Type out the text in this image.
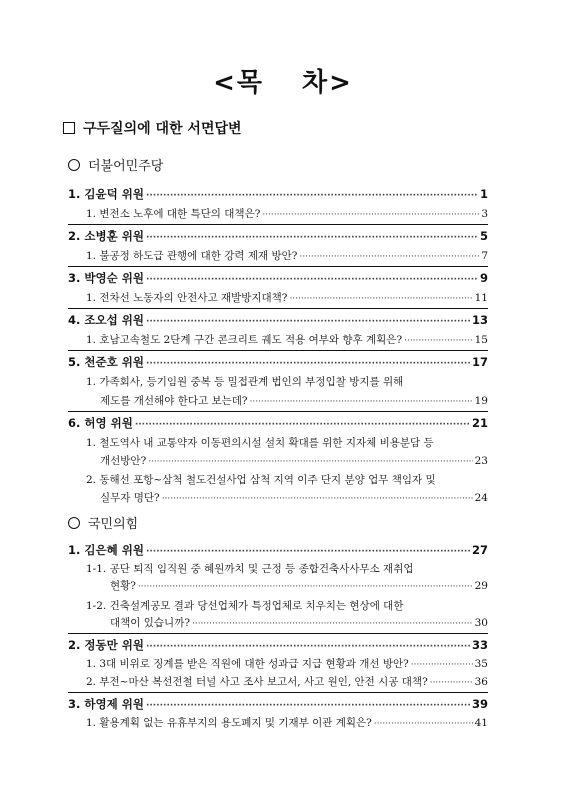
<목 차>
구두질의에 대한 서면답변
더불어민주당
1. 김윤덕 위원 ·····	1
1. 변전소 노후에 대한 특단의 대책은? ·····	3
2. 소병훈 위원 ·····	5
1. 불공정 하도급 관행에 대한 강력 제재 방안? ·····	7
3. 박영순 위원 ·····	9
1. 전차선 노동자의 안전사고 재발방지대책? ·····	11
4. 조오섭 위원 ·····	13
1. 호남고속철도 2단계 구간 콘크리트 궤도 적용 여부와 향후 계획은? ·····	15
5. 천준호 위원 ·····	17
1. 가족회사, 등기임원 중복 등 밀접관계 법인의 부정입찰 방지를 위해
제도를 개선해야 한다고 보는데? ·····	19
6. 허영 위원 ·····	21
1. 철도역사 내 교통약자 이동편의시설 설치 확대를 위한 지자체 비용분담 등
개선방안? ·····	23
2. 동해선 포항~삼척 철도건설사업 삼척 지역 이주 단지 분양 업무 책임자 및
실무자 명단? ·····	24
국민의힘
1. 김은혜 위원 ·····	27
1-1. 공단 퇴직 임직원 중 혜원까치 및 근정 등 종합건축사사무소 재취업
현황? ·····	29
1-2. 건축설계공모 결과 당선업체가 특정업체로 치우치는 현상에 대한
대책이 있습니까? ·····	30
2. 정동만 위원 ·····	33
1. 3대 비위로 징계를 받은 직원에 대한 성과급 지급 현황과 개선 방안? ·····	35
2. 부전~마산 복선전철 터널 사고 조사 보고서, 사고 원인, 안전 시공 대책? ·····	36
3. 하영제 위원 ·····	39
1. 활용계획 없는 유휴부지의 용도폐지 및 기재부 이관 계획은? ·····	41
